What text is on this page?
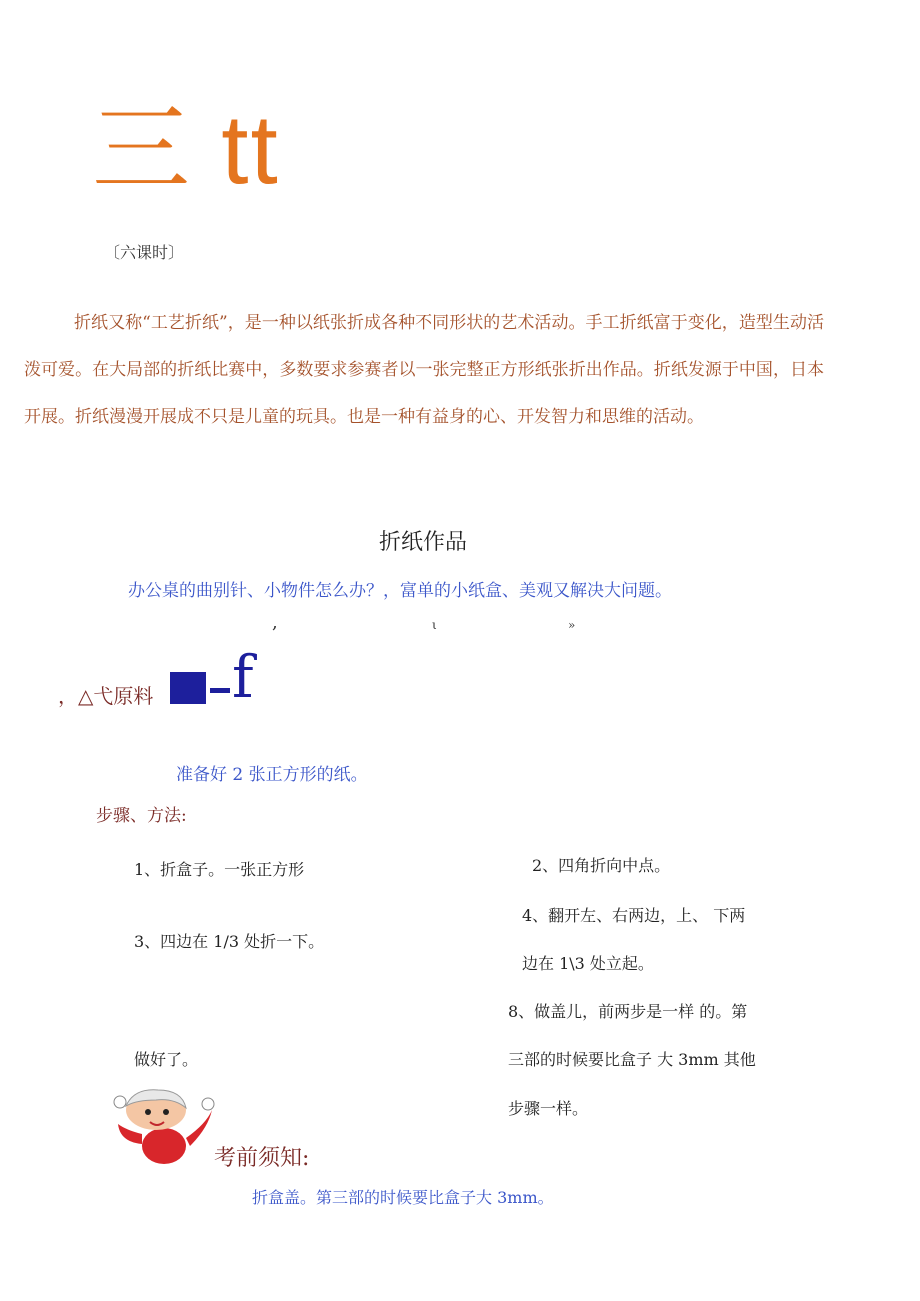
三 tt
〔六课时〕

折纸又称“工艺折纸”，是一种以纸张折成各种不同形状的艺术活动。手工折纸富于变化，造型生动活泼可爱。在大局部的折纸比赛中，多数要求参赛者以一张完整正方形纸张折出作品。折纸发源于中国，日本开展。折纸漫漫开展成不只是儿童的玩具。也是一种有益身的心、开发智力和思维的活动。

折纸作品
办公桌的曲别针、小物件怎么办？，富单的小纸盒、美观又解决大问题。
,	ι	»
，△弋原料 f
准备好 2 张正方形的纸。
步骤、方法:
1、折盒子。一张正方形	2、四角折向中点。
3、四边在 1/3 处折一下。
4、翻开左、右两边，上、 下两
边在 1\3 处立起。
8、做盖儿，前两步是一样 的。第
三部的时候要比盒子 大 3mm 其他
步骤一样。
做好了。
考前须知:
折盒盖。第三部的时候要比盒子大 3mm。
